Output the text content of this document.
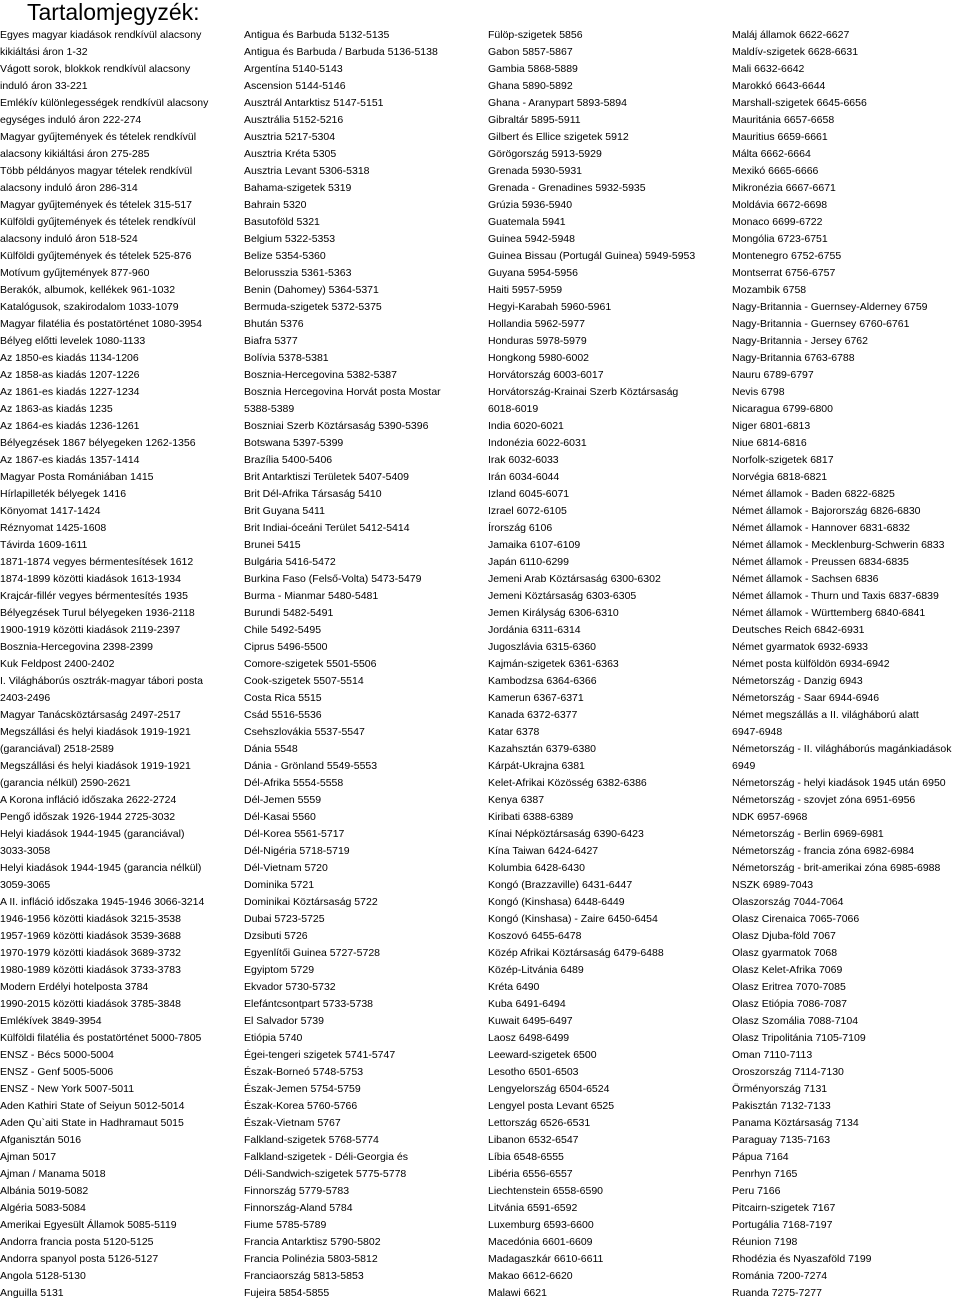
Tartalomjegyzék:
Egyes magyar kiadások rendkívül alacsony
kikiáltási áron 1-32
Vágott sorok, blokkok rendkívül alacsony
induló áron 33-221
Emlékív különlegességek rendkívül alacsony
egységes induló áron 222-274
Magyar gyűjtemények és tételek rendkívül
alacsony kikiáltási áron 275-285
Több példányos magyar tételek rendkívül
alacsony induló áron 286-314
Magyar gyűjtemények és tételek 315-517
Külföldi gyűjtemények és tételek rendkívül
alacsony induló áron 518-524
Külföldi gyűjtemények és tételek 525-876
Motívum gyűjtemények 877-960
Berakók, albumok, kellékek 961-1032
Katalógusok, szakirodalom 1033-1079
Magyar filatélia és postatörténet 1080-3954
Bélyeg előtti levelek 1080-1133
Az 1850-es kiadás 1134-1206
Az 1858-as kiadás 1207-1226
Az 1861-es kiadás 1227-1234
Az 1863-as kiadás 1235
Az 1864-es kiadás 1236-1261
Bélyegzések 1867 bélyegeken 1262-1356
Az 1867-es kiadás 1357-1414
Magyar Posta Romániában 1415
Hírlapilleték bélyegek 1416
Könyomat 1417-1424
Réznyomat 1425-1608
Távirda 1609-1611
1871-1874 vegyes bérmentesítések 1612
1874-1899 közötti kiadások 1613-1934
Krajcár-fillér vegyes bérmentesítés 1935
Bélyegzések Turul bélyegeken 1936-2118
1900-1919 közötti kiadások 2119-2397
Bosznia-Hercegovina 2398-2399
Kuk Feldpost 2400-2402
I. Világháborús osztrák-magyar tábori posta
2403-2496
Magyar Tanácsköztársaság 2497-2517
Megszállási és helyi kiadások 1919-1921
(garanciával) 2518-2589
Megszállási és helyi kiadások 1919-1921
(garancia nélkül) 2590-2621
A Korona infláció időszaka 2622-2724
Pengő időszak 1926-1944 2725-3032
Helyi kiadások 1944-1945 (garanciával)
3033-3058
Helyi kiadások 1944-1945 (garancia nélkül)
3059-3065
A II. infláció időszaka 1945-1946 3066-3214
1946-1956 közötti kiadások 3215-3538
1957-1969 közötti kiadások 3539-3688
1970-1979 közötti kiadások 3689-3732
1980-1989 közötti kiadások 3733-3783
Modern Erdélyi hotelposta 3784
1990-2015 közötti kiadások 3785-3848
Emlékívek 3849-3954
Külföldi filatélia és postatörténet 5000-7805
ENSZ - Bécs 5000-5004
ENSZ - Genf 5005-5006
ENSZ - New York 5007-5011
Aden Kathiri State of Seiyun 5012-5014
Aden Qu`aiti State in Hadhramaut 5015
Afganisztán 5016
Ajman 5017
Ajman / Manama 5018
Albánia 5019-5082
Algéria 5083-5084
Amerikai Egyesült Államok 5085-5119
Andorra francia posta 5120-5125
Andorra spanyol posta 5126-5127
Angola 5128-5130
Anguilla 5131
Antigua és Barbuda 5132-5135
Antigua és Barbuda / Barbuda 5136-5138
Argentína 5140-5143
Ascension 5144-5146
Ausztrál Antarktisz 5147-5151
Ausztrália 5152-5216
Ausztria 5217-5304
Ausztria Kréta 5305
Ausztria Levant 5306-5318
Bahama-szigetek 5319
Bahrain 5320
Basutoföld 5321
Belgium 5322-5353
Belize 5354-5360
Belorusszia 5361-5363
Benin (Dahomey) 5364-5371
Bermuda-szigetek 5372-5375
Bhután 5376
Biafra 5377
Bolívia 5378-5381
Bosznia-Hercegovina 5382-5387
Bosznia Hercegovina Horvát posta Mostar
5388-5389
Boszniai Szerb Köztársaság 5390-5396
Botswana 5397-5399
Brazília 5400-5406
Brit Antarktiszi Területek 5407-5409
Brit Dél-Afrika Társaság 5410
Brit Guyana 5411
Brit Indiai-óceáni Terület 5412-5414
Brunei 5415
Bulgária 5416-5472
Burkina Faso (Felső-Volta) 5473-5479
Burma - Mianmar 5480-5481
Burundi 5482-5491
Chile 5492-5495
Ciprus 5496-5500
Comore-szigetek 5501-5506
Cook-szigetek 5507-5514
Costa Rica 5515
Csád 5516-5536
Csehszlovákia 5537-5547
Dánia 5548
Dánia - Grönland 5549-5553
Dél-Afrika 5554-5558
Dél-Jemen 5559
Dél-Kasai 5560
Dél-Korea 5561-5717
Dél-Nigéria 5718-5719
Dél-Vietnam 5720
Dominika 5721
Dominikai Köztársaság 5722
Dubai 5723-5725
Dzsibuti 5726
Egyenlítői Guinea 5727-5728
Egyiptom 5729
Ekvador 5730-5732
Elefántcsontpart 5733-5738
El Salvador 5739
Etiópia 5740
Égei-tengeri szigetek 5741-5747
Észak-Borneó 5748-5753
Észak-Jemen 5754-5759
Észak-Korea 5760-5766
Észak-Vietnam 5767
Falkland-szigetek 5768-5774
Falkland-szigetek - Déli-Georgia és
Déli-Sandwich-szigetek 5775-5778
Finnország 5779-5783
Finnország-Aland 5784
Fiume 5785-5789
Francia Antarktisz 5790-5802
Francia Polinézia 5803-5812
Franciaország 5813-5853
Fujeira 5854-5855
Fülöp-szigetek 5856
Gabon 5857-5867
Gambia 5868-5889
Ghana 5890-5892
Ghana - Aranypart 5893-5894
Gibraltár 5895-5911
Gilbert és Ellice szigetek 5912
Görögország 5913-5929
Grenada 5930-5931
Grenada - Grenadines 5932-5935
Grúzia 5936-5940
Guatemala 5941
Guinea 5942-5948
Guinea Bissau (Portugál Guinea) 5949-5953
Guyana 5954-5956
Haiti 5957-5959
Hegyi-Karabah 5960-5961
Hollandia 5962-5977
Honduras 5978-5979
Hongkong 5980-6002
Horvátország 6003-6017
Horvátország-Krainai Szerb Köztársaság
6018-6019
India 6020-6021
Indonézia 6022-6031
Irak 6032-6033
Irán 6034-6044
Izland 6045-6071
Izrael 6072-6105
Írország 6106
Jamaika 6107-6109
Japán 6110-6299
Jemeni Arab Köztársaság 6300-6302
Jemeni Köztársaság 6303-6305
Jemen Királyság 6306-6310
Jordánia 6311-6314
Jugoszlávia 6315-6360
Kajmán-szigetek 6361-6363
Kambodzsa 6364-6366
Kamerun 6367-6371
Kanada 6372-6377
Katar 6378
Kazahsztán 6379-6380
Kárpát-Ukrajna 6381
Kelet-Afrikai Közösség 6382-6386
Kenya 6387
Kiribati 6388-6389
Kínai Népköztársaság 6390-6423
Kína Taiwan 6424-6427
Kolumbia 6428-6430
Kongó (Brazzaville) 6431-6447
Kongó (Kinshasa) 6448-6449
Kongó (Kinshasa) - Zaire 6450-6454
Koszovó 6455-6478
Közép Afrikai Köztársaság 6479-6488
Közép-Litvánia 6489
Kréta 6490
Kuba 6491-6494
Kuwait 6495-6497
Laosz 6498-6499
Leeward-szigetek 6500
Lesotho 6501-6503
Lengyelország 6504-6524
Lengyel posta Levant 6525
Lettország 6526-6531
Libanon 6532-6547
Líbia 6548-6555
Libéria 6556-6557
Liechtenstein 6558-6590
Litvánia 6591-6592
Luxemburg 6593-6600
Macedónia 6601-6609
Madagaszkár 6610-6611
Makao 6612-6620
Malawi 6621
Maláj államok 6622-6627
Maldív-szigetek 6628-6631
Mali 6632-6642
Marokkó 6643-6644
Marshall-szigetek 6645-6656
Mauritánia 6657-6658
Mauritius 6659-6661
Málta 6662-6664
Mexikó 6665-6666
Mikronézia 6667-6671
Moldávia 6672-6698
Monaco 6699-6722
Mongólia 6723-6751
Montenegro 6752-6755
Montserrat 6756-6757
Mozambik 6758
Nagy-Britannia - Guernsey-Alderney 6759
Nagy-Britannia - Guernsey 6760-6761
Nagy-Britannia - Jersey 6762
Nagy-Britannia 6763-6788
Nauru 6789-6797
Nevis 6798
Nicaragua 6799-6800
Niger 6801-6813
Niue 6814-6816
Norfolk-szigetek 6817
Norvégia 6818-6821
Német államok - Baden 6822-6825
Német államok - Bajorország 6826-6830
Német államok - Hannover 6831-6832
Német államok - Mecklenburg-Schwerin 6833
Német államok - Preussen 6834-6835
Német államok - Sachsen 6836
Német államok - Thurn und Taxis 6837-6839
Német államok - Württemberg 6840-6841
Deutsches Reich 6842-6931
Német gyarmatok 6932-6933
Német posta külföldön 6934-6942
Németország - Danzig 6943
Németország - Saar 6944-6946
Német megszállás a II. világháború alatt
6947-6948
Németország - II. világháborús magánkiadások
6949
Németország - helyi kiadások 1945 után 6950
Németország - szovjet zóna 6951-6956
NDK 6957-6968
Németország - Berlin 6969-6981
Németország - francia zóna 6982-6984
Németország - brit-amerikai zóna 6985-6988
NSZK 6989-7043
Olaszország 7044-7064
Olasz Cirenaica 7065-7066
Olasz Djuba-föld 7067
Olasz gyarmatok 7068
Olasz Kelet-Afrika 7069
Olasz Eritrea 7070-7085
Olasz Etiópia 7086-7087
Olasz Szomália 7088-7104
Olasz Tripolitánia 7105-7109
Oman 7110-7113
Oroszország 7114-7130
Örményország 7131
Pakisztán 7132-7133
Panama Köztársaság 7134
Paraguay 7135-7163
Pápua 7164
Penrhyn 7165
Peru 7166
Pitcairn-szigetek 7167
Portugália 7168-7197
Réunion 7198
Rhodézia és Nyaszaföld 7199
Románia 7200-7274
Ruanda 7275-7277
